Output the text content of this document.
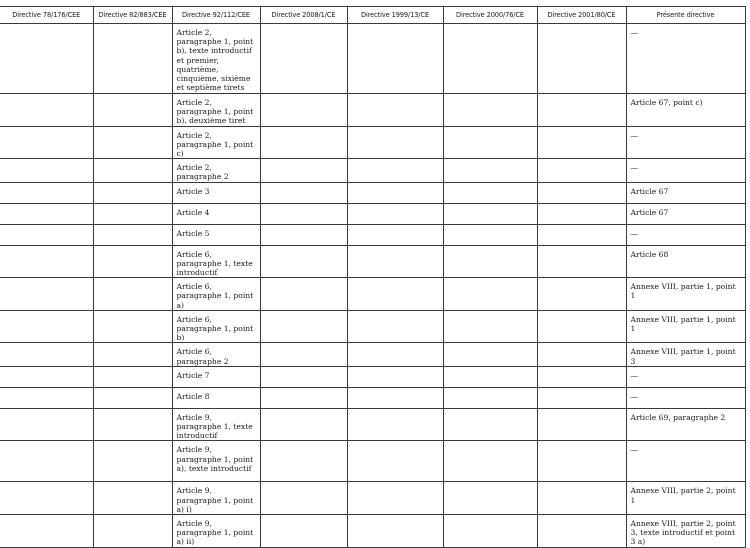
Directive 78/176/CEE	Directive 82/883/CEE	Directive 92/112/CEE	Directive 2008/1/CE	Directive 1999/13/CE	Directive 2000/76/CE	Directive 2001/80/CE	Présente directive
		Article 2, paragraphe 1, point b), texte introductif et premier, quatrième, cinquième, sixième et septième tirets					—
		Article 2, paragraphe 1, point b), deuxième tiret					Article 67, point c)
		Article 2, paragraphe 1, point c)					—
		Article 2, paragraphe 2					—
		Article 3					Article 67
		Article 4					Article 67
		Article 5					—
		Article 6, paragraphe 1, texte introductif					Article 68
		Article 6, paragraphe 1, point a)					Annexe VIII, partie 1, point 1
		Article 6, paragraphe 1, point b)					Annexe VIII, partie 1, point 1
		Article 6, paragraphe 2					Annexe VIII, partie 1, point 3
		Article 7					—
		Article 8					—
		Article 9, paragraphe 1, texte introductif					Article 69, paragraphe 2
		Article 9, paragraphe 1, point a), texte introductif					—
		Article 9, paragraphe 1, point a) i)					Annexe VIII, partie 2, point 1
		Article 9, paragraphe 1, point a) ii)					Annexe VIII, partie 2, point 3, texte introductif et point 3 a)
